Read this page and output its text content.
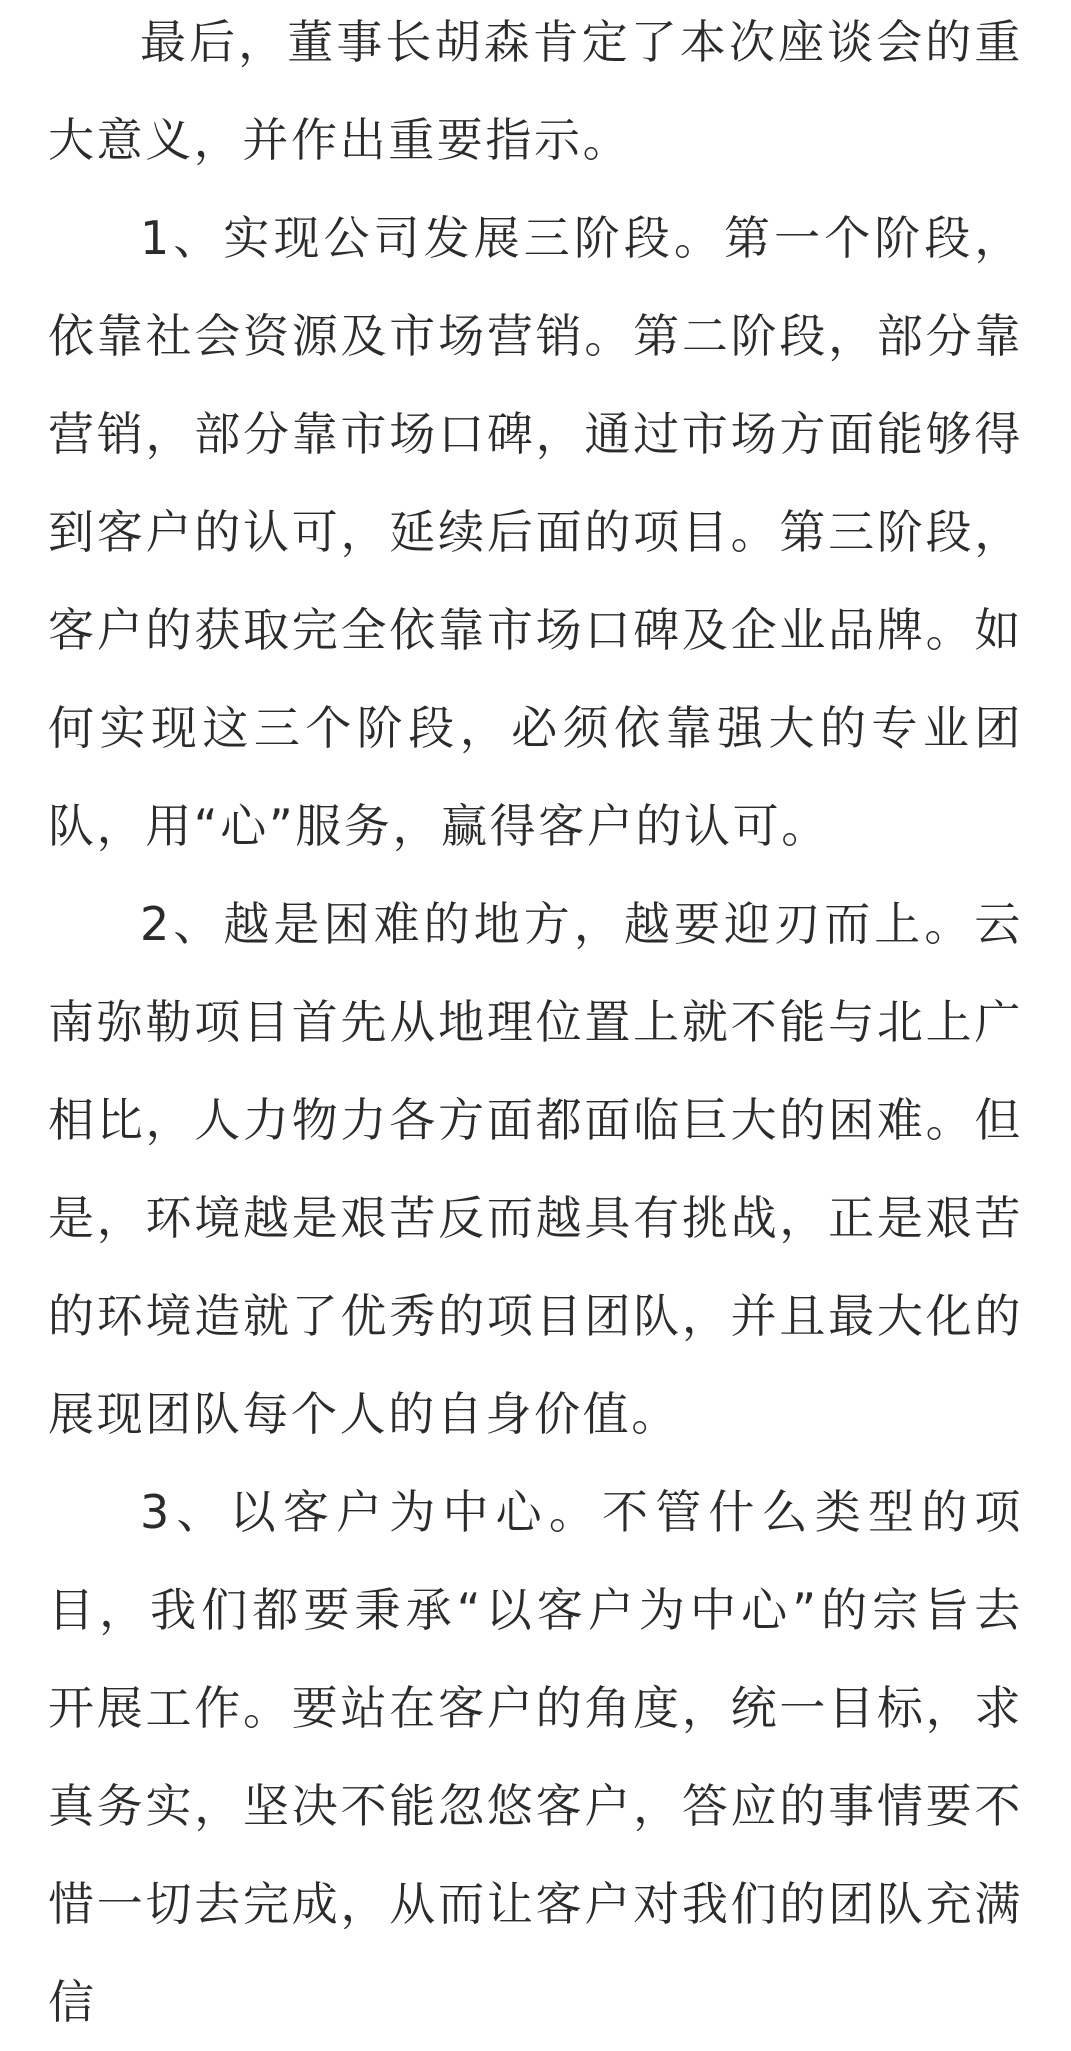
最后，董事长胡森肯定了本次座谈会的重大意义，并作出重要指示。

1、实现公司发展三阶段。第一个阶段，依靠社会资源及市场营销。第二阶段，部分靠营销，部分靠市场口碑，通过市场方面能够得到客户的认可，延续后面的项目。第三阶段，客户的获取完全依靠市场口碑及企业品牌。如何实现这三个阶段，必须依靠强大的专业团队，用“心”服务，赢得客户的认可。

2、越是困难的地方，越要迎刃而上。云南弥勒项目首先从地理位置上就不能与北上广相比，人力物力各方面都面临巨大的困难。但是，环境越是艰苦反而越具有挑战，正是艰苦的环境造就了优秀的项目团队，并且最大化的展现团队每个人的自身价值。

3、以客户为中心。不管什么类型的项目，我们都要秉承“以客户为中心”的宗旨去开展工作。要站在客户的角度，统一目标，求真务实，坚决不能忽悠客户，答应的事情要不惜一切去完成，从而让客户对我们的团队充满信
